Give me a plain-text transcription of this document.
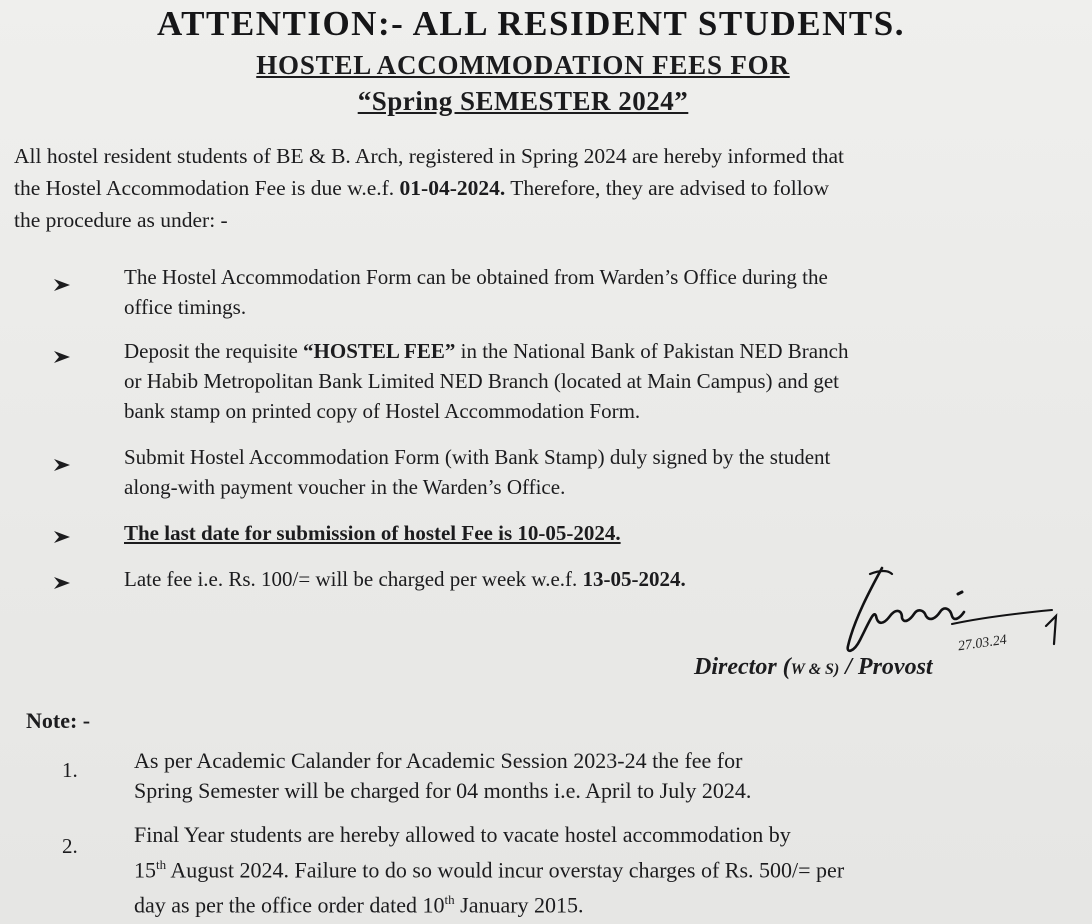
ATTENTION:- ALL RESIDENT STUDENTS.
HOSTEL ACCOMMODATION FEES FOR
“Spring SEMESTER 2024”
All hostel resident students of BE & B. Arch, registered in Spring 2024 are hereby informed that
the Hostel Accommodation Fee is due w.e.f. 01-04-2024. Therefore, they are advised to follow
the procedure as under: -
The Hostel Accommodation Form can be obtained from Warden’s Office during the
office timings.
Deposit the requisite “HOSTEL FEE” in the National Bank of Pakistan NED Branch
or Habib Metropolitan Bank Limited NED Branch (located at Main Campus) and get
bank stamp on printed copy of Hostel Accommodation Form.
Submit Hostel Accommodation Form (with Bank Stamp) duly signed by the student
along-with payment voucher in the Warden’s Office.
The last date for submission of hostel Fee is 10-05-2024.
Late fee i.e. Rs. 100/= will be charged per week w.e.f. 13-05-2024.
27.03.24
Director (W & S) / Provost
Note: -
1.	As per Academic Calander for Academic Session 2023-24 the fee for
Spring Semester will be charged for 04 months i.e. April to July 2024.
2.	Final Year students are hereby allowed to vacate hostel accommodation by
15th August 2024. Failure to do so would incur overstay charges of Rs. 500/= per
day as per the office order dated 10th January 2015.
